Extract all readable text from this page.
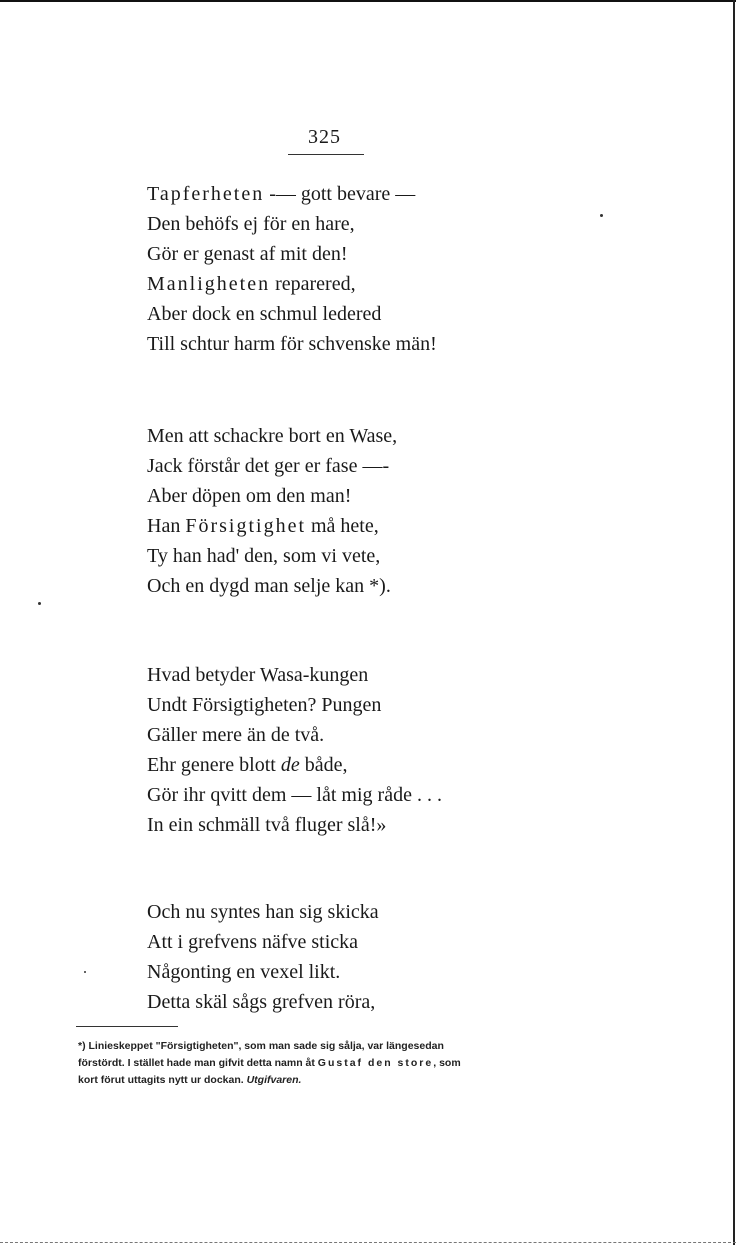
325
Tapferheten -— gott bevare —
Den behöfs ej för en hare,
Gör er genast af mit den!
Manligheten reparered,
Aber dock en schmul ledered
Till schtur harm för schvenske män!
Men att schackre bort en Wase,
Jack förstår det ger er fase —-
Aber döpen om den man!
Han Försigtighet må hete,
Ty han had' den, som vi vete,
Och en dygd man selje kan *).
Hvad betyder Wasa-kungen
Undt Försigtigheten? Pungen
Gäller mere än de två.
Ehr genere blott de både,
Gör ihr qvitt dem — låt mig råde . . .
In ein schmäll två fluger slå!»
Och nu syntes han sig skicka
Att i grefvens näfve sticka
Någonting en vexel likt.
Detta skäl sågs grefven röra,
*) Linieskeppet "Försigtigheten", som man sade sig sålja, var längesedan
förstördt. I stället hade man gifvit detta namn åt Gustaf den store, som
kort förut uttagits nytt ur dockan. Utgifvaren.
